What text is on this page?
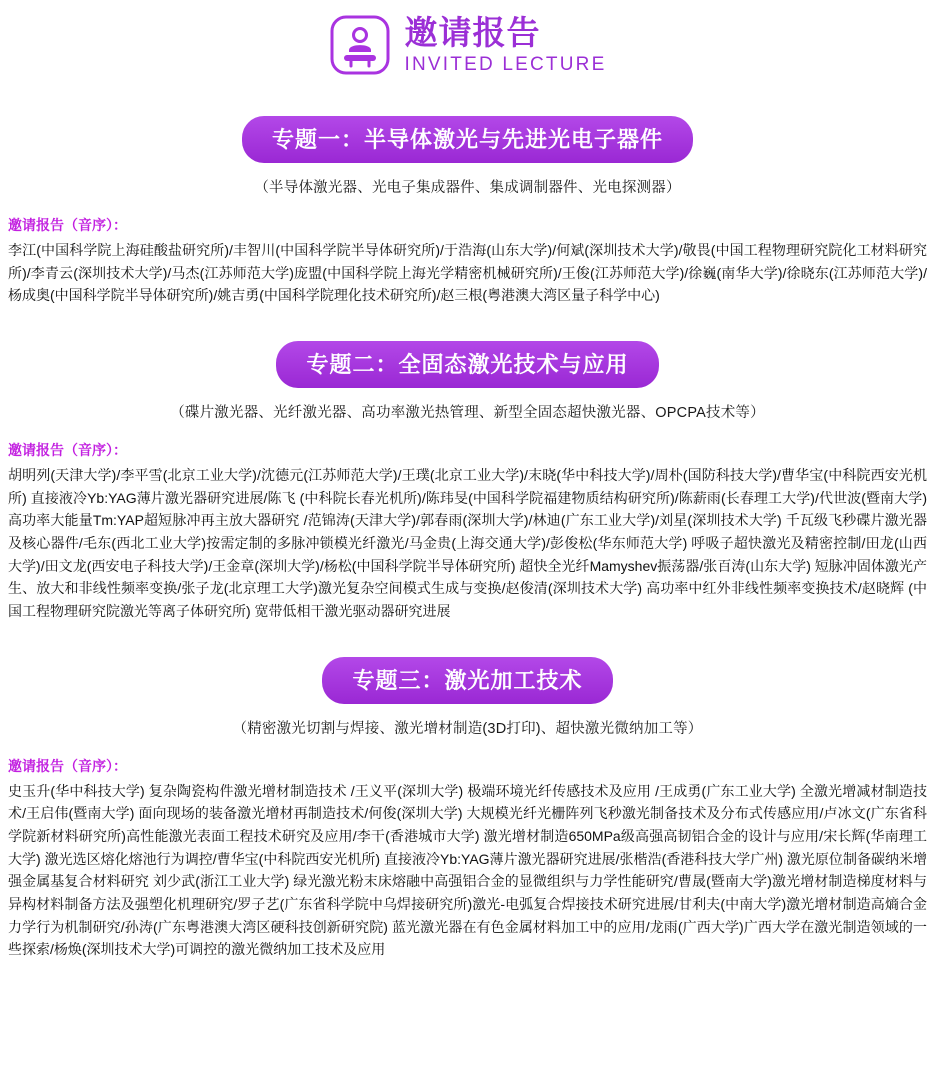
邀请报告
INVITED LECTURE
专题一：半导体激光与先进光电子器件
（半导体激光器、光电子集成器件、集成调制器件、光电探测器）
邀请报告（音序）：
李江(中国科学院上海硅酸盐研究所)/丰智川(中国科学院半导体研究所)/于浩海(山东大学)/何斌(深圳技术大学)/敬畏(中国工程物理研究院化工材料研究所)/李青云(深圳技术大学)/马杰(江苏师范大学)庞盟(中国科学院上海光学精密机械研究所)/王俊(江苏师范大学)/徐巍(南华大学)/徐晓东(江苏师范大学)/杨成奥(中国科学院半导体研究所)/姚吉勇(中国科学院理化技术研究所)/赵三根(粤港澳大湾区量子科学中心)
专题二：全固态激光技术与应用
（碟片激光器、光纤激光器、高功率激光热管理、新型全固态超快激光器、OPCPA技术等）
邀请报告（音序）：
胡明列(天津大学)/李平雪(北京工业大学)/沈德元(江苏师范大学)/王璞(北京工业大学)/末晓(华中科技大学)/周朴(国防科技大学)/曹华宝(中科院西安光机所) 直接液冷Yb:YAG薄片激光器研究进展/陈飞 (中科院长春光机所)/陈玮旻(中国科学院福建物质结构研究所)/陈薪雨(长春理工大学)/代世波(暨南大学) 高功率大能量Tm:YAP超短脉冲再主放大器研究 /范锦涛(天津大学)/郭春雨(深圳大学)/林迪(广东工业大学)/刘星(深圳技术大学) 千瓦级飞秒碟片激光器及核心器件/毛东(西北工业大学)按需定制的多脉冲锁模光纤激光/马金贵(上海交通大学)/彭俊松(华东师范大学) 呼吸子超快激光及精密控制/田龙(山西大学)/田文龙(西安电子科技大学)/王金章(深圳大学)/杨松(中国科学院半导体研究所) 超快全光纤Mamyshev振荡器/张百涛(山东大学) 短脉冲固体激光产生、放大和非线性频率变换/张子龙(北京理工大学)激光复杂空间模式生成与变换/赵俊清(深圳技术大学) 高功率中红外非线性频率变换技术/赵晓辉 (中国工程物理研究院激光等离子体研究所) 宽带低相干激光驱动器研究进展
专题三：激光加工技术
（精密激光切割与焊接、激光增材制造(3D打印)、超快激光微纳加工等）
邀请报告（音序）：
史玉升(华中科技大学) 复杂陶瓷构件激光增材制造技术 /王义平(深圳大学) 极端环境光纤传感技术及应用 /王成勇(广东工业大学) 全激光增减材制造技术/王启伟(暨南大学) 面向现场的装备激光增材再制造技术/何俊(深圳大学) 大规模光纤光栅阵列飞秒激光制备技术及分布式传感应用/卢冰文(广东省科学院新材料研究所)高性能激光表面工程技术研究及应用/李干(香港城市大学) 激光增材制造650MPa级高强高韧铝合金的设计与应用/宋长辉(华南理工大学) 激光选区熔化熔池行为调控/曹华宝(中科院西安光机所) 直接液冷Yb:YAG薄片激光器研究进展/张楷浩(香港科技大学广州) 激光原位制备碳纳米增强金属基复合材料研究 刘少武(浙江工业大学) 绿光激光粉末床熔融中高强铝合金的显微组织与力学性能研究/曹晟(暨南大学)激光增材制造梯度材料与异构材料制备方法及强塑化机理研究/罗子艺(广东省科学院中乌焊接研究所)激光-电弧复合焊接技术研究进展/甘利夫(中南大学)激光增材制造高熵合金力学行为机制研究/孙涛(广东粤港澳大湾区硬科技创新研究院) 蓝光激光器在有色金属材料加工中的应用/龙雨(广西大学)广西大学在激光制造领域的一些探索/杨焕(深圳技术大学)可调控的激光微纳加工技术及应用
